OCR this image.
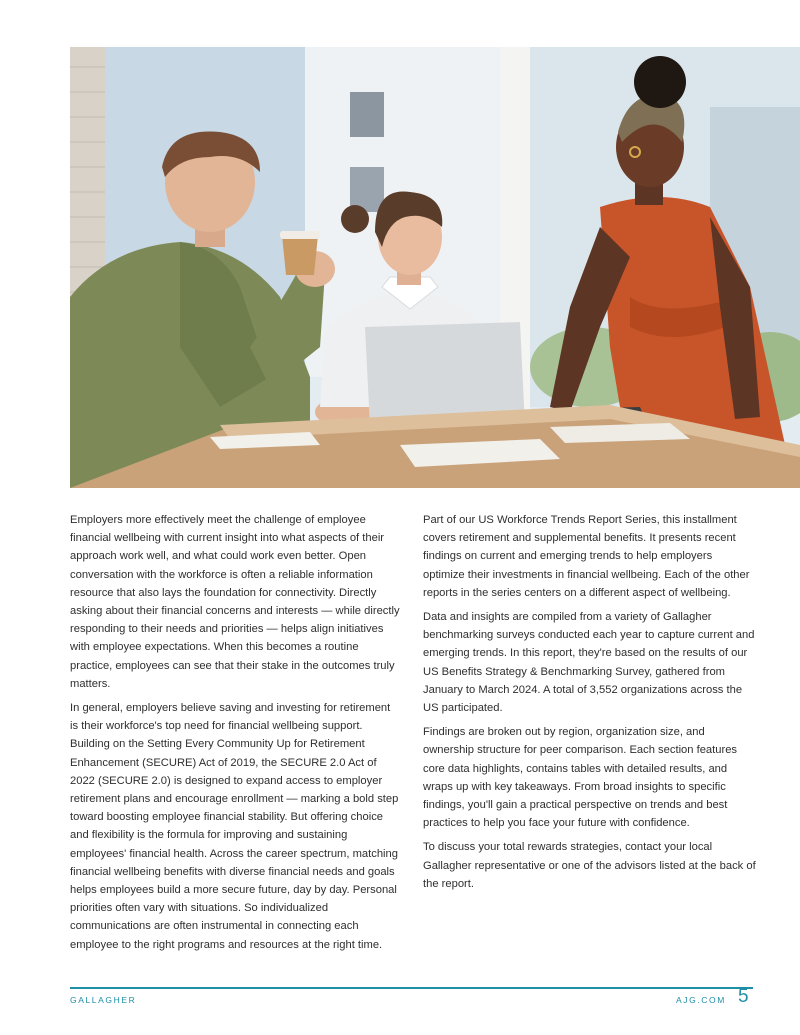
Employers more effectively meet the challenge of employee financial wellbeing with current insight into what aspects of their approach work well, and what could work even better. Open conversation with the workforce is often a reliable information resource that also lays the foundation for connectivity. Directly asking about their financial concerns and interests — while directly responding to their needs and priorities — helps align initiatives with employee expectations. When this becomes a routine practice, employees can see that their stake in the outcomes truly matters.

In general, employers believe saving and investing for retirement is their workforce's top need for financial wellbeing support. Building on the Setting Every Community Up for Retirement Enhancement (SECURE) Act of 2019, the SECURE 2.0 Act of 2022 (SECURE 2.0) is designed to expand access to employer retirement plans and encourage enrollment — marking a bold step toward boosting employee financial stability. But offering choice and flexibility is the formula for improving and sustaining employees' financial health. Across the career spectrum, matching financial wellbeing benefits with diverse financial needs and goals helps employees build a more secure future, day by day. Personal priorities often vary with situations. So individualized communications are often instrumental in connecting each employee to the right programs and resources at the right time.

Part of our US Workforce Trends Report Series, this installment covers retirement and supplemental benefits. It presents recent findings on current and emerging trends to help employers optimize their investments in financial wellbeing. Each of the other reports in the series centers on a different aspect of wellbeing.

Data and insights are compiled from a variety of Gallagher benchmarking surveys conducted each year to capture current and emerging trends. In this report, they're based on the results of our US Benefits Strategy & Benchmarking Survey, gathered from January to March 2024. A total of 3,552 organizations across the US participated.

Findings are broken out by region, organization size, and ownership structure for peer comparison. Each section features core data highlights, contains tables with detailed results, and wraps up with key takeaways. From broad insights to specific findings, you'll gain a practical perspective on trends and best practices to help you face your future with confidence.

To discuss your total rewards strategies, contact your local Gallagher representative or one of the advisors listed at the back of the report.

GALLAGHER	AJG.COM 5
